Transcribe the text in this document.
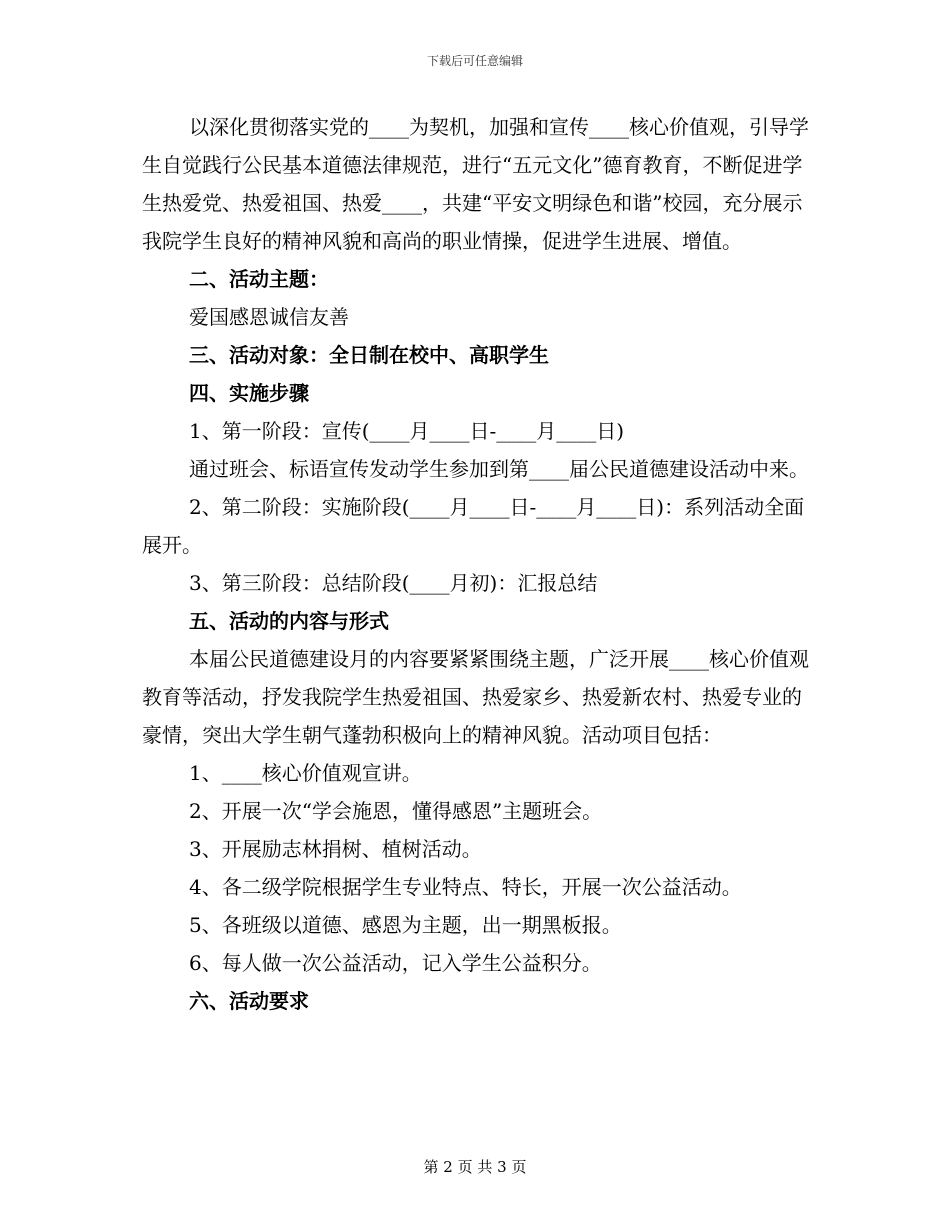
下载后可任意编辑

以深化贯彻落实党的____为契机，加强和宣传____核心价值观，引导学生自觉践行公民基本道德法律规范，进行“五元文化”德育教育，不断促进学生热爱党、热爱祖国、热爱____，共建“平安文明绿色和谐”校园，充分展示我院学生良好的精神风貌和高尚的职业情操，促进学生进展、增值。

二、活动主题：

爱国感恩诚信友善

三、活动对象：全日制在校中、高职学生

四、实施步骤

1、第一阶段：宣传(____月____日-____月____日)

通过班会、标语宣传发动学生参加到第____届公民道德建设活动中来。

2、第二阶段：实施阶段(____月____日-____月____日)：系列活动全面展开。

3、第三阶段：总结阶段(____月初)：汇报总结

五、活动的内容与形式

本届公民道德建设月的内容要紧紧围绕主题，广泛开展____核心价值观教育等活动，抒发我院学生热爱祖国、热爱家乡、热爱新农村、热爱专业的豪情，突出大学生朝气蓬勃积极向上的精神风貌。活动项目包括：

1、____核心价值观宣讲。

2、开展一次“学会施恩，懂得感恩”主题班会。

3、开展励志林捐树、植树活动。

4、各二级学院根据学生专业特点、特长，开展一次公益活动。

5、各班级以道德、感恩为主题，出一期黑板报。

6、每人做一次公益活动，记入学生公益积分。

六、活动要求

第 2 页 共 3 页
